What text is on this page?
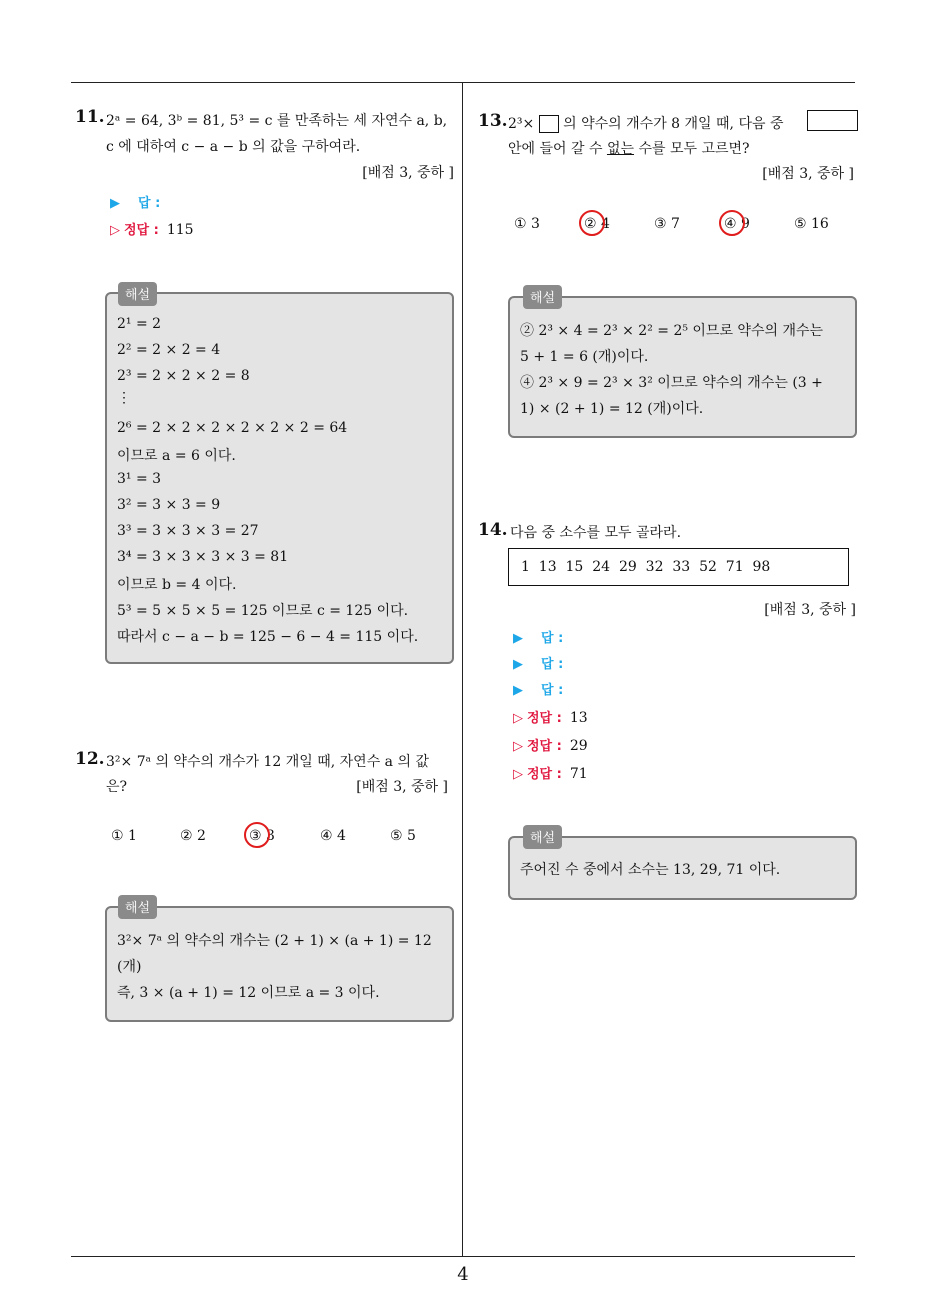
4
11. 2ᵃ = 64, 3ᵇ = 81, 5³ = c 를 만족하는 세 자연수 a, b,
c 에 대하여 c − a − b 의 값을 구하여라.
[배점 3, 중하 ]
▶ 답 :
▷ 정답 : 115
2¹ = 2
2² = 2 × 2 = 4
2³ = 2 × 2 × 2 = 8
⋮
2⁶ = 2 × 2 × 2 × 2 × 2 × 2 = 64
이므로 a = 6 이다.
3¹ = 3
3² = 3 × 3 = 9
3³ = 3 × 3 × 3 = 27
3⁴ = 3 × 3 × 3 × 3 = 81
이므로 b = 4 이다.
5³ = 5 × 5 × 5 = 125 이므로 c = 125 이다.
따라서 c − a − b = 125 − 6 − 4 = 115 이다.
해설
12. 3²× 7ᵃ 의 약수의 개수가 12 개일 때, 자연수 a 의 값
은?	[배점 3, 중하 ]
① 1	② 2	③ 3	④ 4	⑤ 5
3²× 7ᵃ 의 약수의 개수는 (2 + 1) × (a + 1) = 12
(개)
즉, 3 × (a + 1) = 12 이므로 a = 3 이다.
해설
13. 2³× 의 약수의 개수가 8 개일 때, 다음 중
안에 들어 갈 수 없는 수를 모두 고르면?
[배점 3, 중하 ]
① 3	② 4	③ 7	④ 9	⑤ 16
② 2³ × 4 = 2³ × 2² = 2⁵ 이므로 약수의 개수는
5 + 1 = 6 (개)이다.
④ 2³ × 9 = 2³ × 3² 이므로 약수의 개수는 (3 +
1) × (2 + 1) = 12 (개)이다.
해설
14. 다음 중 소수를 모두 골라라.
1  13  15  24  29  32  33  52  71  98
[배점 3, 중하 ]
▶ 답 :
▶ 답 :
▶ 답 :
▷ 정답 : 13
▷ 정답 : 29
▷ 정답 : 71
주어진 수 중에서 소수는 13, 29, 71 이다.
해설
